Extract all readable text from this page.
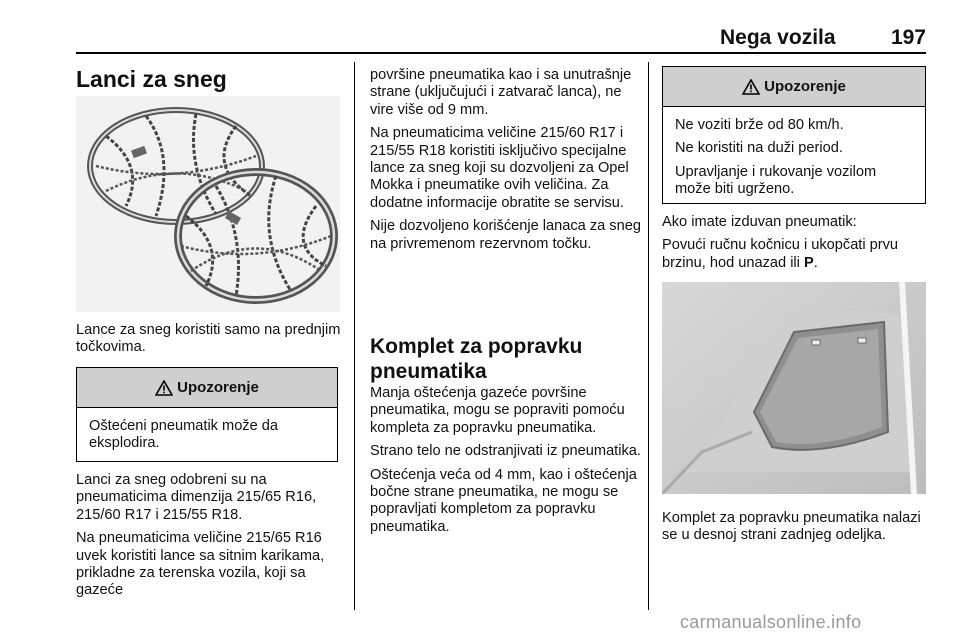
Nega vozila	197
Lanci za sneg

Lance za sneg koristiti samo na prednjim točkovima.

Upozorenje

Oštećeni pneumatik može da eksplodira.

Lanci za sneg odobreni su na pneumaticima dimenzija 215/65 R16, 215/60 R17 i 215/55 R18.

Na pneumaticima veličine 215/65 R16 uvek koristiti lance sa sitnim karikama, prikladne za terenska vozila, koji sa gazeće

površine pneumatika kao i sa unutrašnje strane (uključujući i zatvarač lanca), ne vire više od 9 mm.

Na pneumaticima veličine 215/60 R17 i 215/55 R18 koristiti isključivo specijalne lance za sneg koji su dozvoljeni za Opel Mokka i pneumatike ovih veličina. Za dodatne informacije obratite se servisu.

Nije dozvoljeno korišćenje lanaca za sneg na privremenom rezervnom točku.

Komplet za popravku pneumatika

Manja oštećenja gazeće površine pneumatika, mogu se popraviti pomoću kompleta za popravku pneumatika.

Strano telo ne odstranjivati iz pneumatika.

Oštećenja veća od 4 mm, kao i oštećenja bočne strane pneumatika, ne mogu se popravljati kompletom za popravku pneumatika.

Upozorenje

Ne voziti brže od 80 km/h.

Ne koristiti na duži period.

Upravljanje i rukovanje vozilom može biti ugrženo.

Ako imate izduvan pneumatik:

Povući ručnu kočnicu i ukopčati prvu brzinu, hod unazad ili P.

Komplet za popravku pneumatika nalazi se u desnoj strani zadnjeg odeljka.

carmanualsonline.info
